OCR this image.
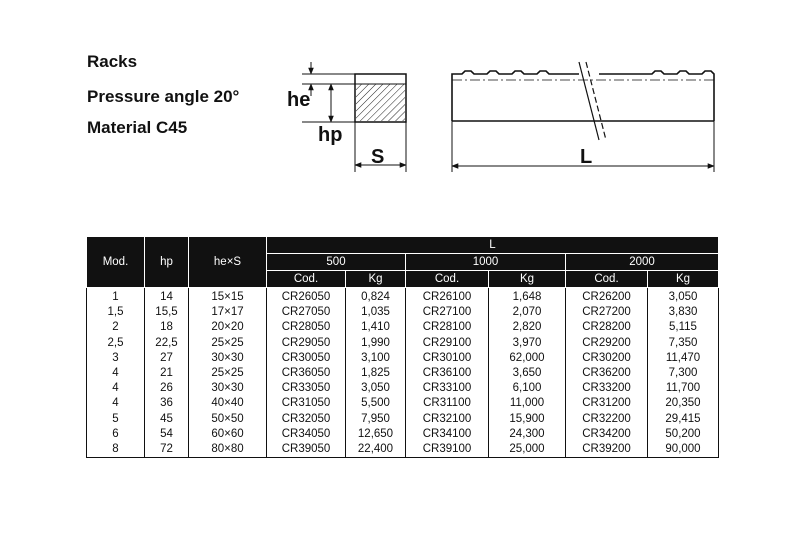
Racks
Pressure angle 20°
Material C45
he
hp
S	L
Mod.	hp	he×S	L					
			500		1000		2000	
			Cod.	Kg	Cod.	Kg	Cod.	Kg
1	14	15×15	CR26050	0,824	CR26100	1,648	CR26200	3,050
1,5	15,5	17×17	CR27050	1,035	CR27100	2,070	CR27200	3,830
2	18	20×20	CR28050	1,410	CR28100	2,820	CR28200	5,115
2,5	22,5	25×25	CR29050	1,990	CR29100	3,970	CR29200	7,350
3	27	30×30	CR30050	3,100	CR30100	62,000	CR30200	11,470
4	21	25×25	CR36050	1,825	CR36100	3,650	CR36200	7,300
4	26	30×30	CR33050	3,050	CR33100	6,100	CR33200	11,700
4	36	40×40	CR31050	5,500	CR31100	11,000	CR31200	20,350
5	45	50×50	CR32050	7,950	CR32100	15,900	CR32200	29,415
6	54	60×60	CR34050	12,650	CR34100	24,300	CR34200	50,200
8	72	80×80	CR39050	22,400	CR39100	25,000	CR39200	90,000
